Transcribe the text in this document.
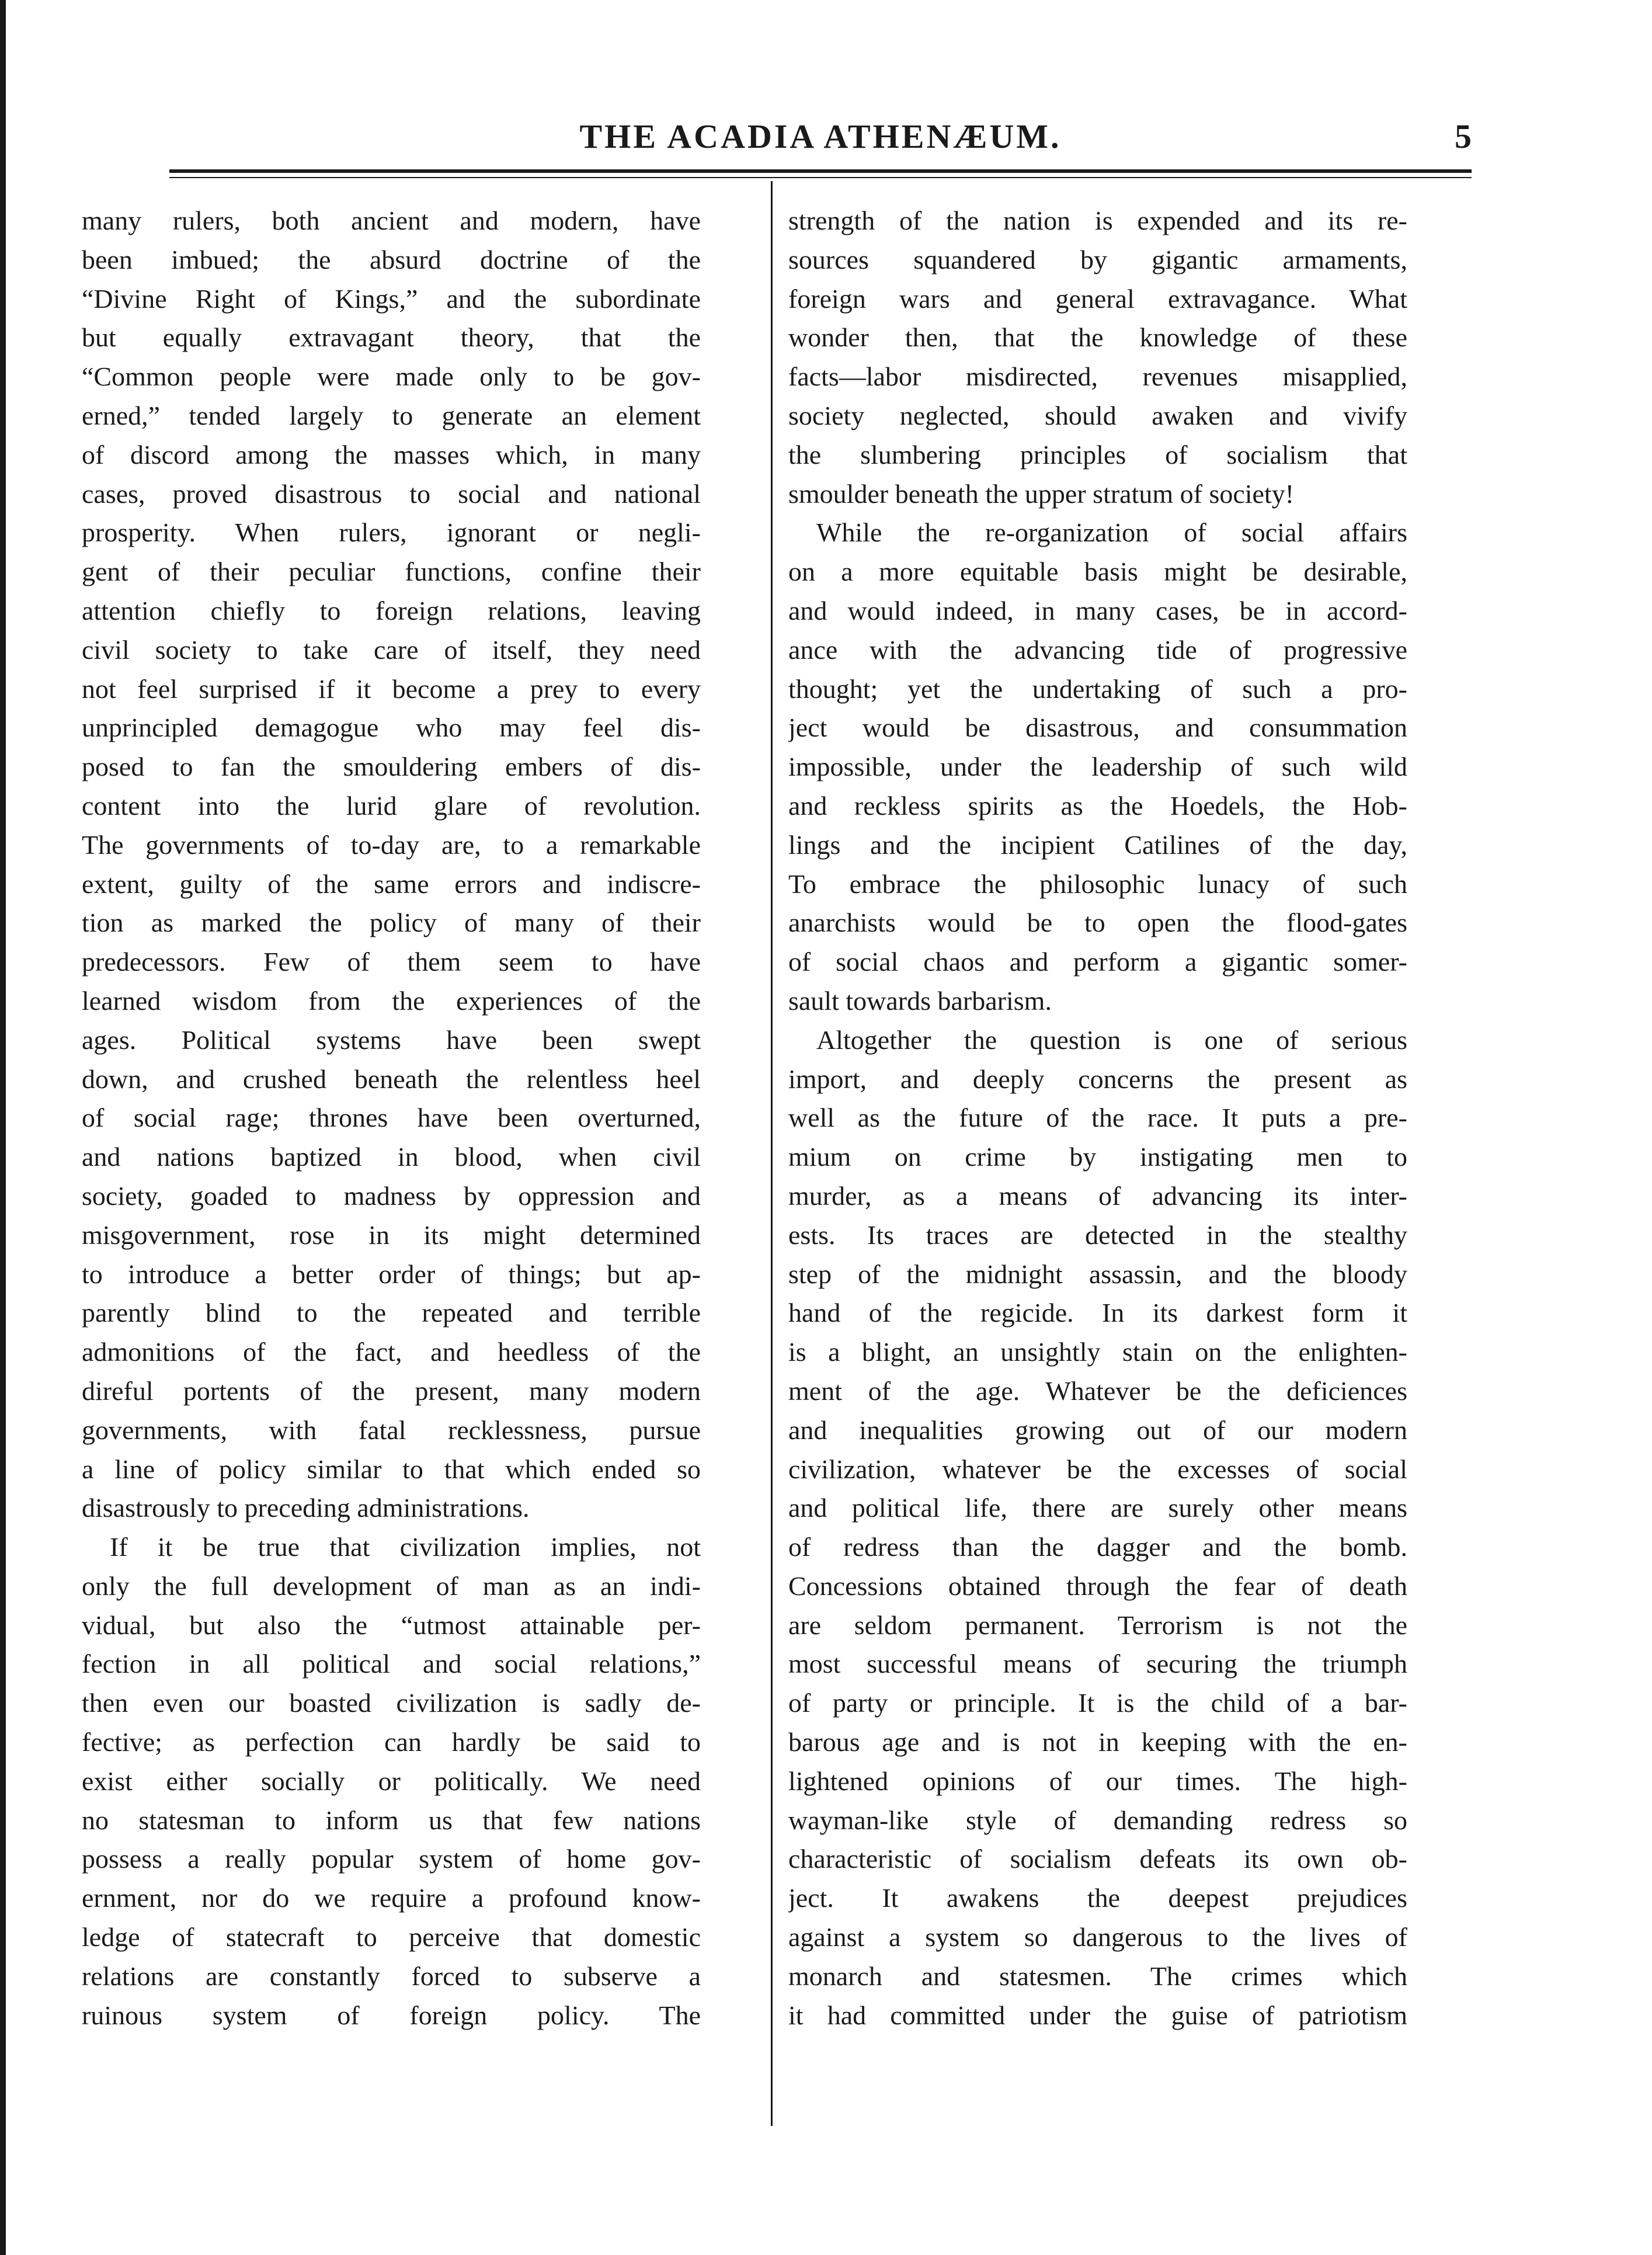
THE ACADIA ATHENÆUM.	5

many rulers, both ancient and modern, have
been imbued; the absurd doctrine of the
“Divine Right of Kings,” and the subordinate
but equally extravagant theory, that the
“Common people were made only to be gov-
erned,” tended largely to generate an element
of discord among the masses which, in many
cases, proved disastrous to social and national
prosperity. When rulers, ignorant or negli-
gent of their peculiar functions, confine their
attention chiefly to foreign relations, leaving
civil society to take care of itself, they need
not feel surprised if it become a prey to every
unprincipled demagogue who may feel dis-
posed to fan the smouldering embers of dis-
content into the lurid glare of revolution.
The governments of to-day are, to a remarkable
extent, guilty of the same errors and indiscre-
tion as marked the policy of many of their
predecessors. Few of them seem to have
learned wisdom from the experiences of the
ages. Political systems have been swept
down, and crushed beneath the relentless heel
of social rage; thrones have been overturned,
and nations baptized in blood, when civil
society, goaded to madness by oppression and
misgovernment, rose in its might determined
to introduce a better order of things; but ap-
parently blind to the repeated and terrible
admonitions of the fact, and heedless of the
direful portents of the present, many modern
governments, with fatal recklessness, pursue
a line of policy similar to that which ended so
disastrously to preceding administrations.
If it be true that civilization implies, not
only the full development of man as an indi-
vidual, but also the “utmost attainable per-
fection in all political and social relations,”
then even our boasted civilization is sadly de-
fective; as perfection can hardly be said to
exist either socially or politically. We need
no statesman to inform us that few nations
possess a really popular system of home gov-
ernment, nor do we require a profound know-
ledge of statecraft to perceive that domestic
relations are constantly forced to subserve a
ruinous system of foreign policy. The

strength of the nation is expended and its re-
sources squandered by gigantic armaments,
foreign wars and general extravagance. What
wonder then, that the knowledge of these
facts—labor misdirected, revenues misapplied,
society neglected, should awaken and vivify
the slumbering principles of socialism that
smoulder beneath the upper stratum of society!
While the re-organization of social affairs
on a more equitable basis might be desirable,
and would indeed, in many cases, be in accord-
ance with the advancing tide of progressive
thought; yet the undertaking of such a pro-
ject would be disastrous, and consummation
impossible, under the leadership of such wild
and reckless spirits as the Hoedels, the Hob-
lings and the incipient Catilines of the day,
To embrace the philosophic lunacy of such
anarchists would be to open the flood-gates
of social chaos and perform a gigantic somer-
sault towards barbarism.
Altogether the question is one of serious
import, and deeply concerns the present as
well as the future of the race. It puts a pre-
mium on crime by instigating men to
murder, as a means of advancing its inter-
ests. Its traces are detected in the stealthy
step of the midnight assassin, and the bloody
hand of the regicide. In its darkest form it
is a blight, an unsightly stain on the enlighten-
ment of the age. Whatever be the deficiences
and inequalities growing out of our modern
civilization, whatever be the excesses of social
and political life, there are surely other means
of redress than the dagger and the bomb.
Concessions obtained through the fear of death
are seldom permanent. Terrorism is not the
most successful means of securing the triumph
of party or principle. It is the child of a bar-
barous age and is not in keeping with the en-
lightened opinions of our times. The high-
wayman-like style of demanding redress so
characteristic of socialism defeats its own ob-
ject. It awakens the deepest prejudices
against a system so dangerous to the lives of
monarch and statesmen. The crimes which
it had committed under the guise of patriotism
